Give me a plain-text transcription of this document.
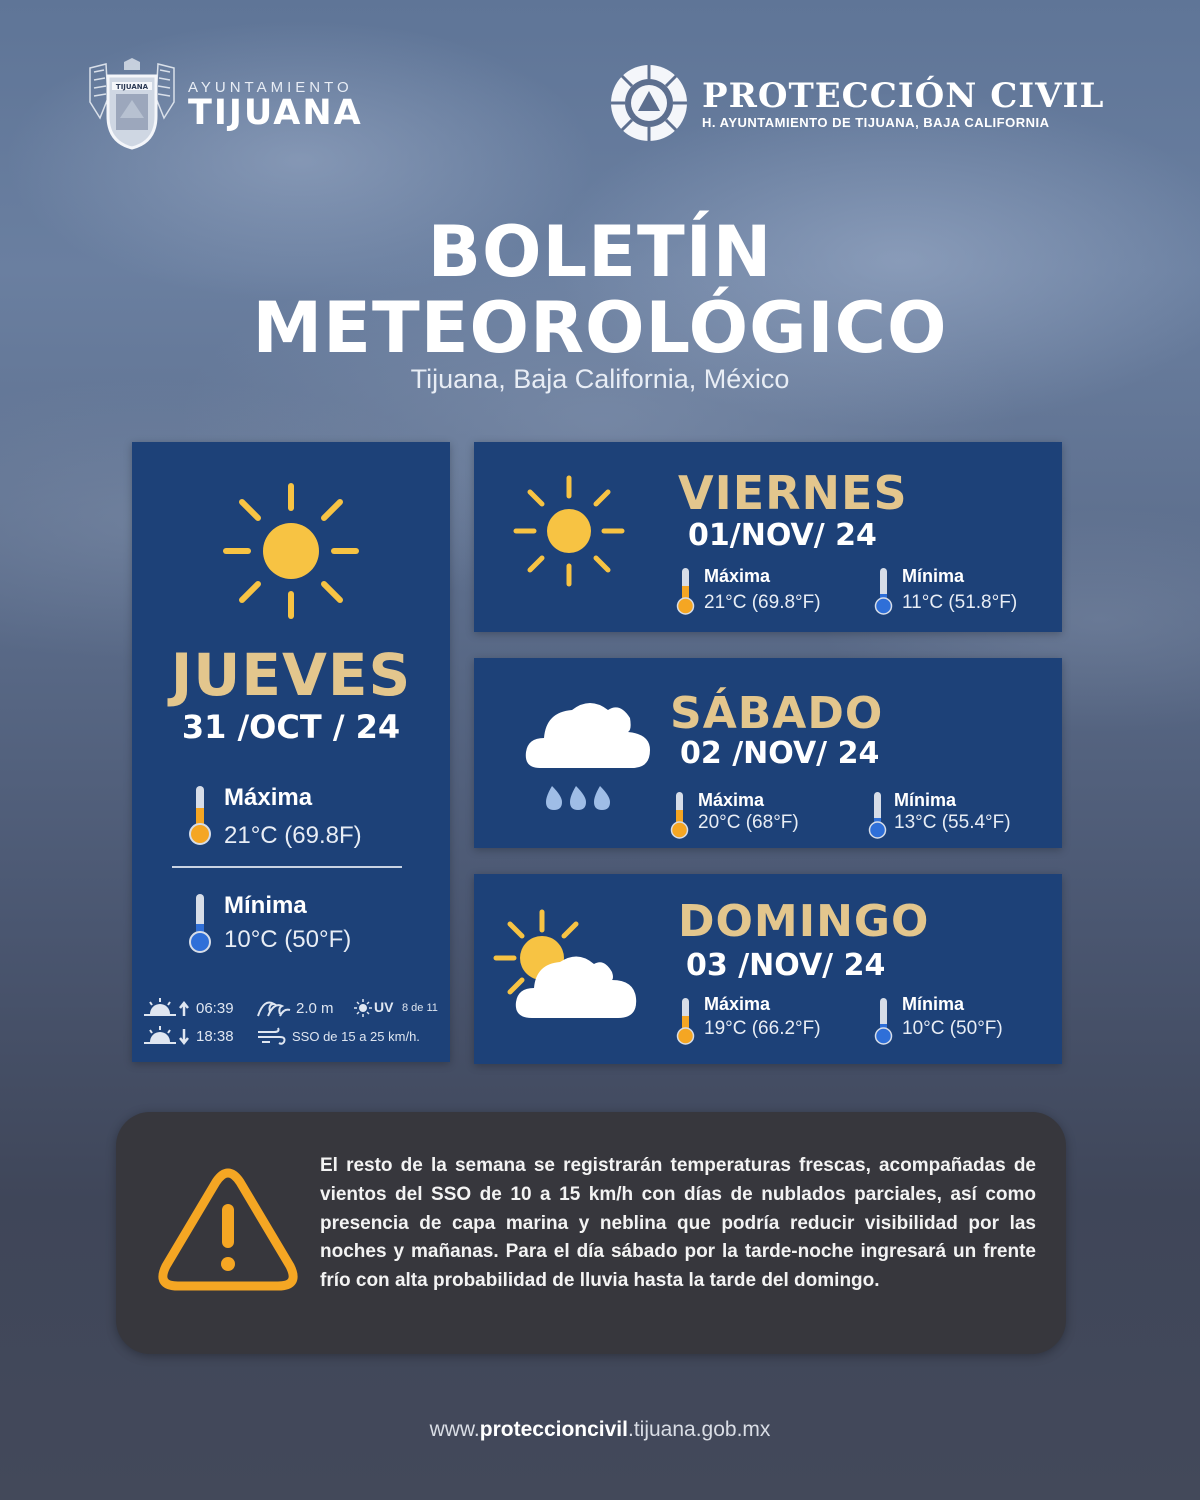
TIJUANA	AYUNTAMIENTO
TIJUANA	PROTECCIÓN CIVIL
H. AYUNTAMIENTO DE TIJUANA, BAJA CALIFORNIA
BOLETÍN
METEOROLÓGICO
Tijuana, Baja California, México
JUEVES
31 /OCT / 24
Máxima
21°C (69.8F)
Mínima
10°C (50°F)
06:39	2.0 m	UV 8 de 11
18:38	SSO de 15 a 25 km/h.
VIERNES
01/NOV/ 24
Máxima
21°C (69.8°F)
Mínima
11°C (51.8°F)
SÁBADO
02 /NOV/ 24
Máxima
20°C (68°F)
Mínima
13°C (55.4°F)
DOMINGO
03 /NOV/ 24
Máxima
19°C (66.2°F)
Mínima
10°C (50°F)
El resto de la semana se registrarán temperaturas frescas, acompañadas de vientos del SSO de 10 a 15 km/h con días de nublados parciales, así como presencia de capa marina y neblina que podría reducir visibilidad por las noches y mañanas. Para el día sábado por la tarde-noche ingresará un frente frío con alta probabilidad de lluvia hasta la tarde del domingo.
www.proteccioncivil.tijuana.gob.mx
